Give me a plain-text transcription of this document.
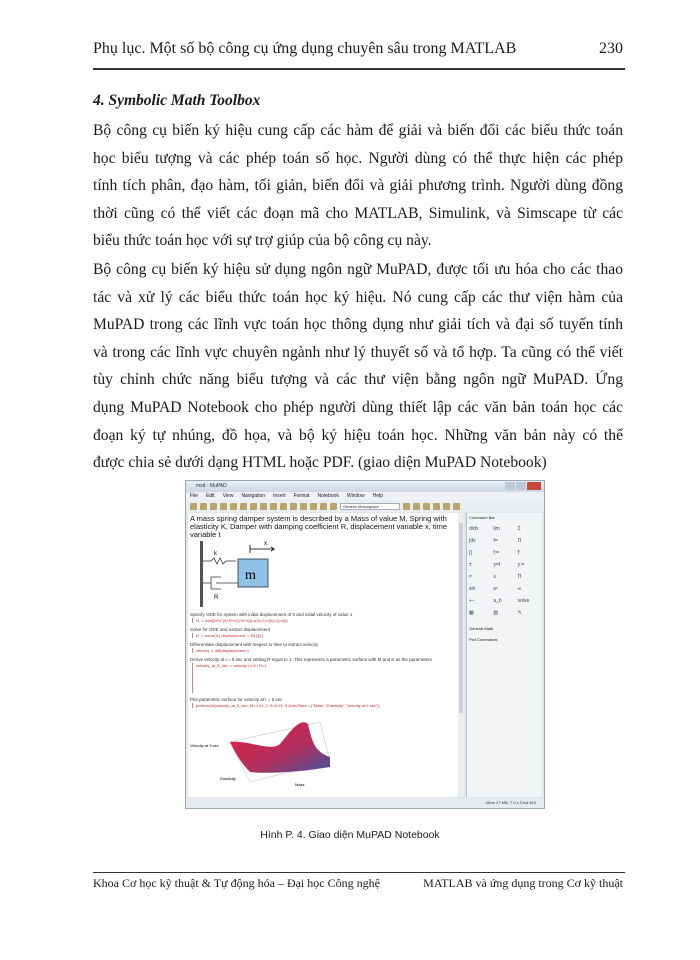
Phụ lục. Một số bộ công cụ ứng dụng chuyên sâu trong MATLAB	230
4. Symbolic Math Toolbox
Bộ công cụ biến ký hiệu cung cấp các hàm để giải và biến đổi các biểu thức toán
học biểu tượng và các phép toán số học. Người dùng có thể thực hiện các phép
tính tích phân, đạo hàm, tối giản, biến đổi và giải phương trình. Người dùng đồng
thời cũng có thể viết các đoạn mã cho MATLAB, Simulink, và Simscape từ các
biểu thức toán học với sự trợ giúp của bộ công cụ này.
Bộ công cụ biến ký hiệu sử dụng ngôn ngữ MuPAD, được tối ưu hóa cho các thao
tác và xử lý các biểu thức toán học ký hiệu. Nó cung cấp các thư viện hàm của
MuPAD trong các lĩnh vực toán học thông dụng như giải tích và đại số tuyến tính
và trong các lĩnh vực chuyên ngành như lý thuyết số và tổ hợp. Ta cũng có thể viết
tùy chỉnh chức năng biểu tượng và các thư viện bằng ngôn ngữ MuPAD. Ứng
dụng MuPAD Notebook cho phép người dùng thiết lập các văn bản toán học các
đoạn ký tự nhúng, đồ họa, và bộ ký hiệu toán học. Những văn bản này có thể
được chia sẻ dưới dạng HTML hoặc PDF. (giao diện MuPAD Notebook)
msd - MuPAD
File Edit View Navigation Insert Format Notebook Window Help
Generic Monospace
A mass spring damper system is described by a Mass of value M, Spring with elasticity K, Damper with damping coefficient R, displacement variable x, time variable t
k
m
R
x

Specify ODE for system with initial displacement of 0 and initial velocity of value 1

f1 := ode({M*x''(t)+R*x'(t)+K*x(t),x(0)=0,x'(0)=1},x(t))

Solve for ODE and extract displacement

f2 := solve(f1) displacement := f2[1][1]

Differentiate displacement with respect to time to extract velocity

velocity := diff(displacement,t)

Derive velocity at t = 5 sec and setting R equal to 1. This represents a parametric surface with M and K as the parameters

velocity_at_5_sec := velocity | t=5 | R=1

Plot parametric surface for velocity at t = 5 sec

plotfunc3d(velocity_at_5_sec, M=0.01..2, K=0.01..5,AxesTitles = ["Mass","Elasticity","Velocity at 5 sec"])
Velocity at 5 sec
Mass
Elasticity
Command Bar
d/dx	lim	Σ
∫dx	f=	Π
[]	f:=	f'
±	y=f	y:=
≠	≤	Π
sin	eˣ	∞
+−	a_b	solve
▦	▨	✎
General Math
Plot Commands
Mem 27 MB, T 0 s Cmd INS
Hình P. 4. Giao diện MuPAD Notebook
Khoa Cơ học kỹ thuật & Tự động hóa – Đại học Công nghệ	MATLAB và ứng dụng trong Cơ kỹ thuật
